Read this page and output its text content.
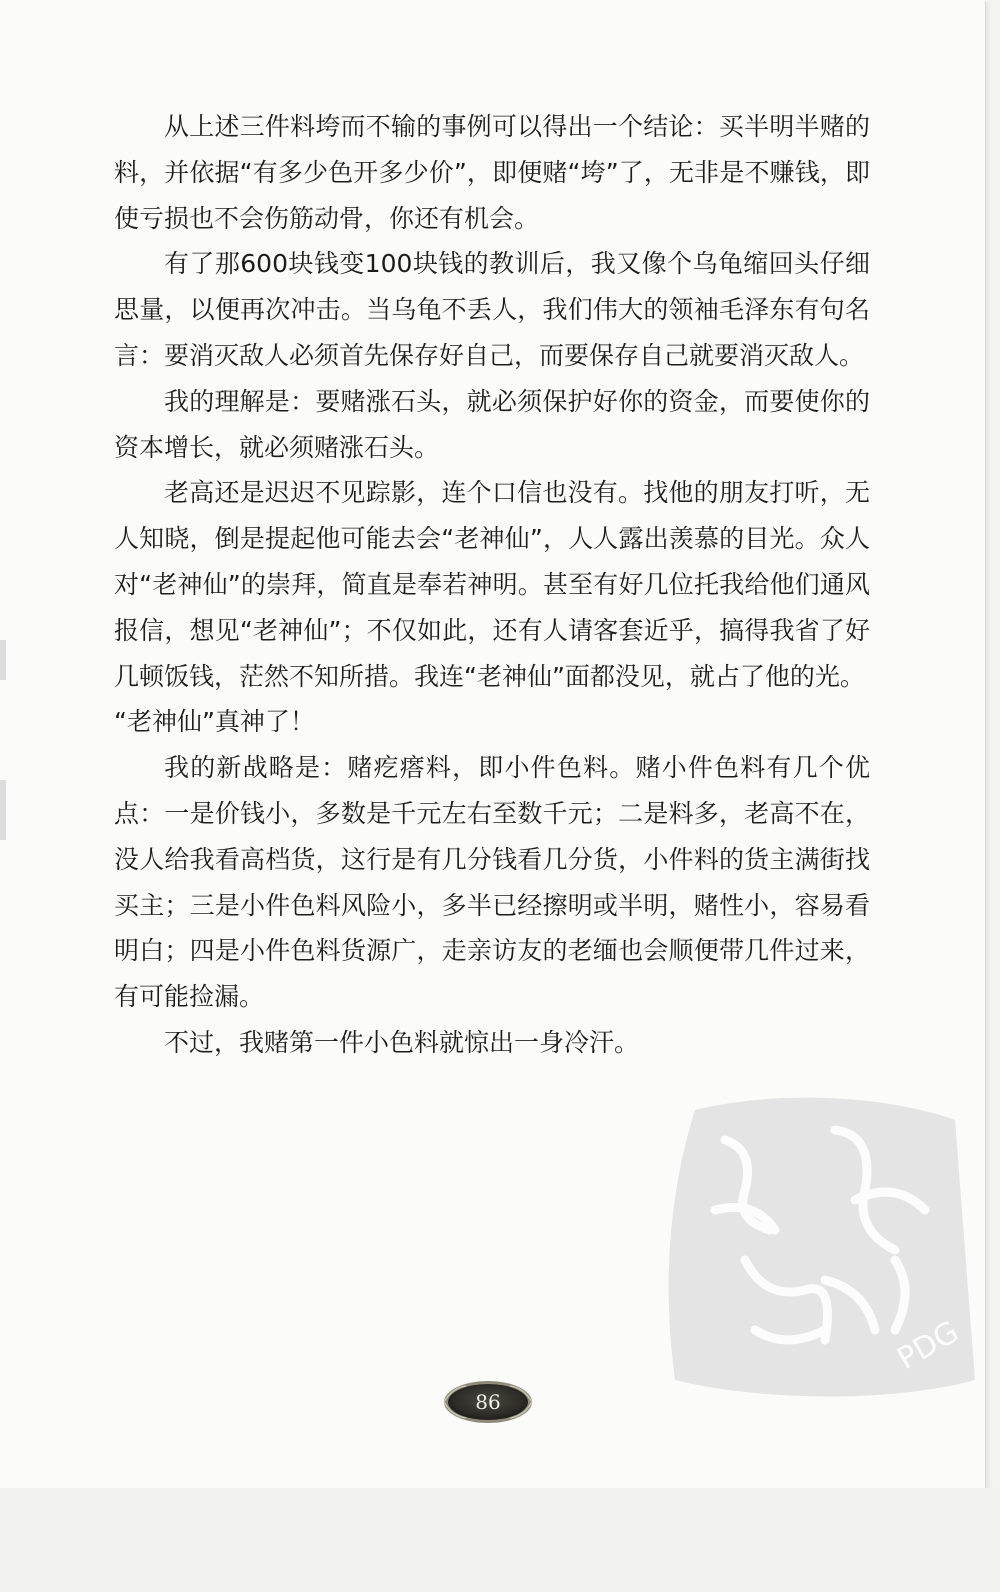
从上述三件料垮而不输的事例可以得出一个结论：买半明半赌的料，并依据“有多少色开多少价”，即便赌“垮”了，无非是不赚钱，即使亏损也不会伤筋动骨，你还有机会。

有了那600块钱变100块钱的教训后，我又像个乌龟缩回头仔细思量，以便再次冲击。当乌龟不丢人，我们伟大的领袖毛泽东有句名言：要消灭敌人必须首先保存好自己，而要保存自己就要消灭敌人。

我的理解是：要赌涨石头，就必须保护好你的资金，而要使你的资本增长，就必须赌涨石头。

老高还是迟迟不见踪影，连个口信也没有。找他的朋友打听，无人知晓，倒是提起他可能去会“老神仙”，人人露出羡慕的目光。众人对“老神仙”的崇拜，简直是奉若神明。甚至有好几位托我给他们通风报信，想见“老神仙”；不仅如此，还有人请客套近乎，搞得我省了好几顿饭钱，茫然不知所措。我连“老神仙”面都没见，就占了他的光。

“老神仙”真神了！

我的新战略是：赌疙瘩料，即小件色料。赌小件色料有几个优点：一是价钱小，多数是千元左右至数千元；二是料多，老高不在，没人给我看高档货，这行是有几分钱看几分货，小件料的货主满街找买主；三是小件色料风险小，多半已经擦明或半明，赌性小，容易看明白；四是小件色料货源广，走亲访友的老缅也会顺便带几件过来，有可能捡漏。

不过，我赌第一件小色料就惊出一身冷汗。

PDG
86
